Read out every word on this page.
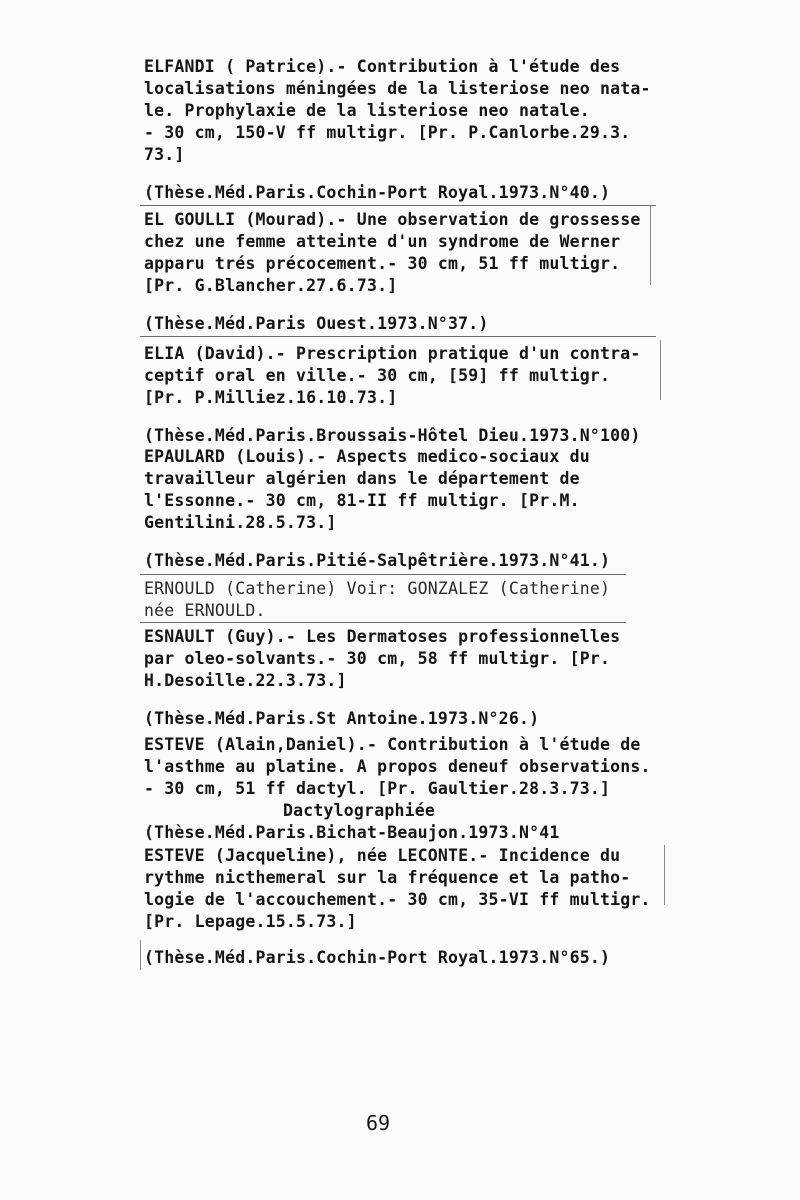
ELFANDI ( Patrice).- Contribution à l'étude des
localisations méningées de la listeriose neo nata-
le. Prophylaxie de la listeriose neo natale.
- 30 cm, 150-V ff multigr. [Pr. P.Canlorbe.29.3.
73.]
(Thèse.Méd.Paris.Cochin-Port Royal.1973.N°40.)
EL GOULLI (Mourad).- Une observation de grossesse
chez une femme atteinte d'un syndrome de Werner
apparu trés précocement.- 30 cm, 51 ff multigr.
[Pr. G.Blancher.27.6.73.]
(Thèse.Méd.Paris Ouest.1973.N°37.)
ELIA (David).- Prescription pratique d'un contra-
ceptif oral en ville.- 30 cm, [59] ff multigr.
[Pr. P.Milliez.16.10.73.]
(Thèse.Méd.Paris.Broussais-Hôtel Dieu.1973.N°100)
EPAULARD (Louis).- Aspects medico-sociaux du
travailleur algérien dans le département de
l'Essonne.- 30 cm, 81-II ff multigr. [Pr.M.
Gentilini.28.5.73.]
(Thèse.Méd.Paris.Pitié-Salpêtrière.1973.N°41.)
ERNOULD (Catherine) Voir: GONZALEZ (Catherine)
née ERNOULD.
ESNAULT (Guy).- Les Dermatoses professionnelles
par oleo-solvants.- 30 cm, 58 ff multigr. [Pr.
H.Desoille.22.3.73.]
(Thèse.Méd.Paris.St Antoine.1973.N°26.)
ESTEVE (Alain,Daniel).- Contribution à l'étude de
l'asthme au platine. A propos deneuf observations.
- 30 cm, 51 ff dactyl. [Pr. Gaultier.28.3.73.]
Dactylographiée
(Thèse.Méd.Paris.Bichat-Beaujon.1973.N°41
ESTEVE (Jacqueline), née LECONTE.- Incidence du
rythme nicthemeral sur la fréquence et la patho-
logie de l'accouchement.- 30 cm, 35-VI ff multigr.
[Pr. Lepage.15.5.73.]
(Thèse.Méd.Paris.Cochin-Port Royal.1973.N°65.)

69
